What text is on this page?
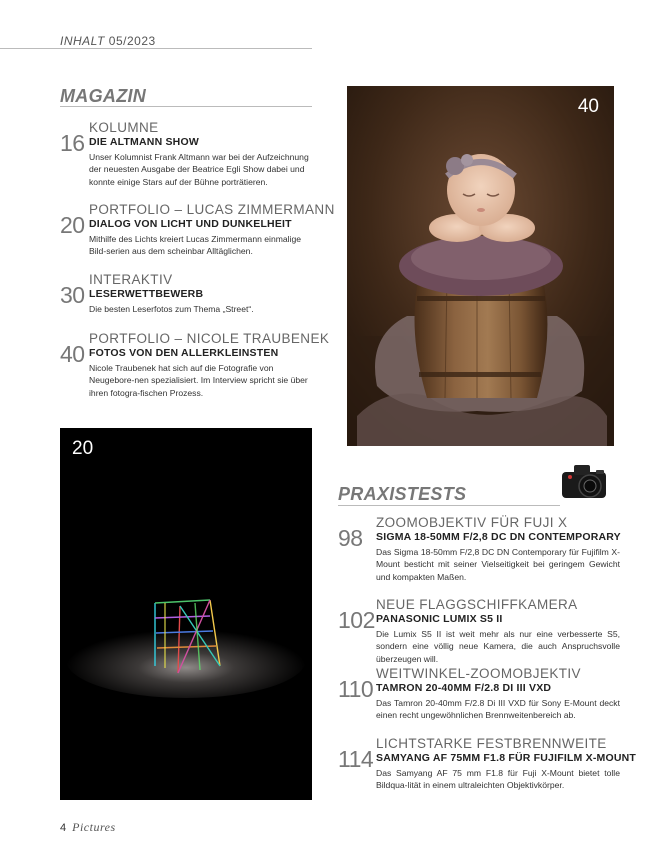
INHALT 05/2023
MAGAZIN
16
KOLUMNE
DIE ALTMANN SHOW
Unser Kolumnist Frank Altmann war bei der Aufzeichnung der neuesten Ausgabe der Beatrice Egli Show dabei und konnte einige Stars auf der Bühne porträtieren.
20
PORTFOLIO – LUCAS ZIMMERMANN
DIALOG VON LICHT UND DUNKELHEIT
Mithilfe des Lichts kreiert Lucas Zimmermann einmalige Bild-serien aus dem scheinbar Alltäglichen.
30
INTERAKTIV
LESERWETTBEWERB
Die besten Leserfotos zum Thema „Street“.
40
PORTFOLIO – NICOLE TRAUBENEK
FOTOS VON DEN ALLERKLEINSTEN
Nicole Traubenek hat sich auf die Fotografie von Neugebore-nen spezialisiert. Im Interview spricht sie über ihren fotogra-fischen Prozess.
40
20
PRAXISTESTS
98
ZOOMOBJEKTIV FÜR FUJI X
SIGMA 18-50MM F/2,8 DC DN CONTEMPORARY
Das Sigma 18-50mm F/2,8 DC DN Contemporary für Fujifilm X-Mount besticht mit seiner Vielseitigkeit bei geringem Gewicht und kompakten Maßen.
102
NEUE FLAGGSCHIFFKAMERA
PANASONIC LUMIX S5 II
Die Lumix S5 II ist weit mehr als nur eine verbesserte S5, sondern eine völlig neue Kamera, die auch Anspruchsvolle überzeugen will.
110
WEITWINKEL-ZOOMOBJEKTIV
TAMRON 20-40MM F/2.8 DI III VXD
Das Tamron 20-40mm F/2.8 Di III VXD für Sony E-Mount deckt einen recht ungewöhnlichen Brennweitenbereich ab.
114
LICHTSTARKE FESTBRENNWEITE
SAMYANG AF 75MM F1.8 FÜR FUJIFILM X-MOUNT
Das Samyang AF 75 mm F1.8 für Fuji X-Mount bietet tolle Bildqua-lität in einem ultraleichten Objektivkörper.
4 Pictures
